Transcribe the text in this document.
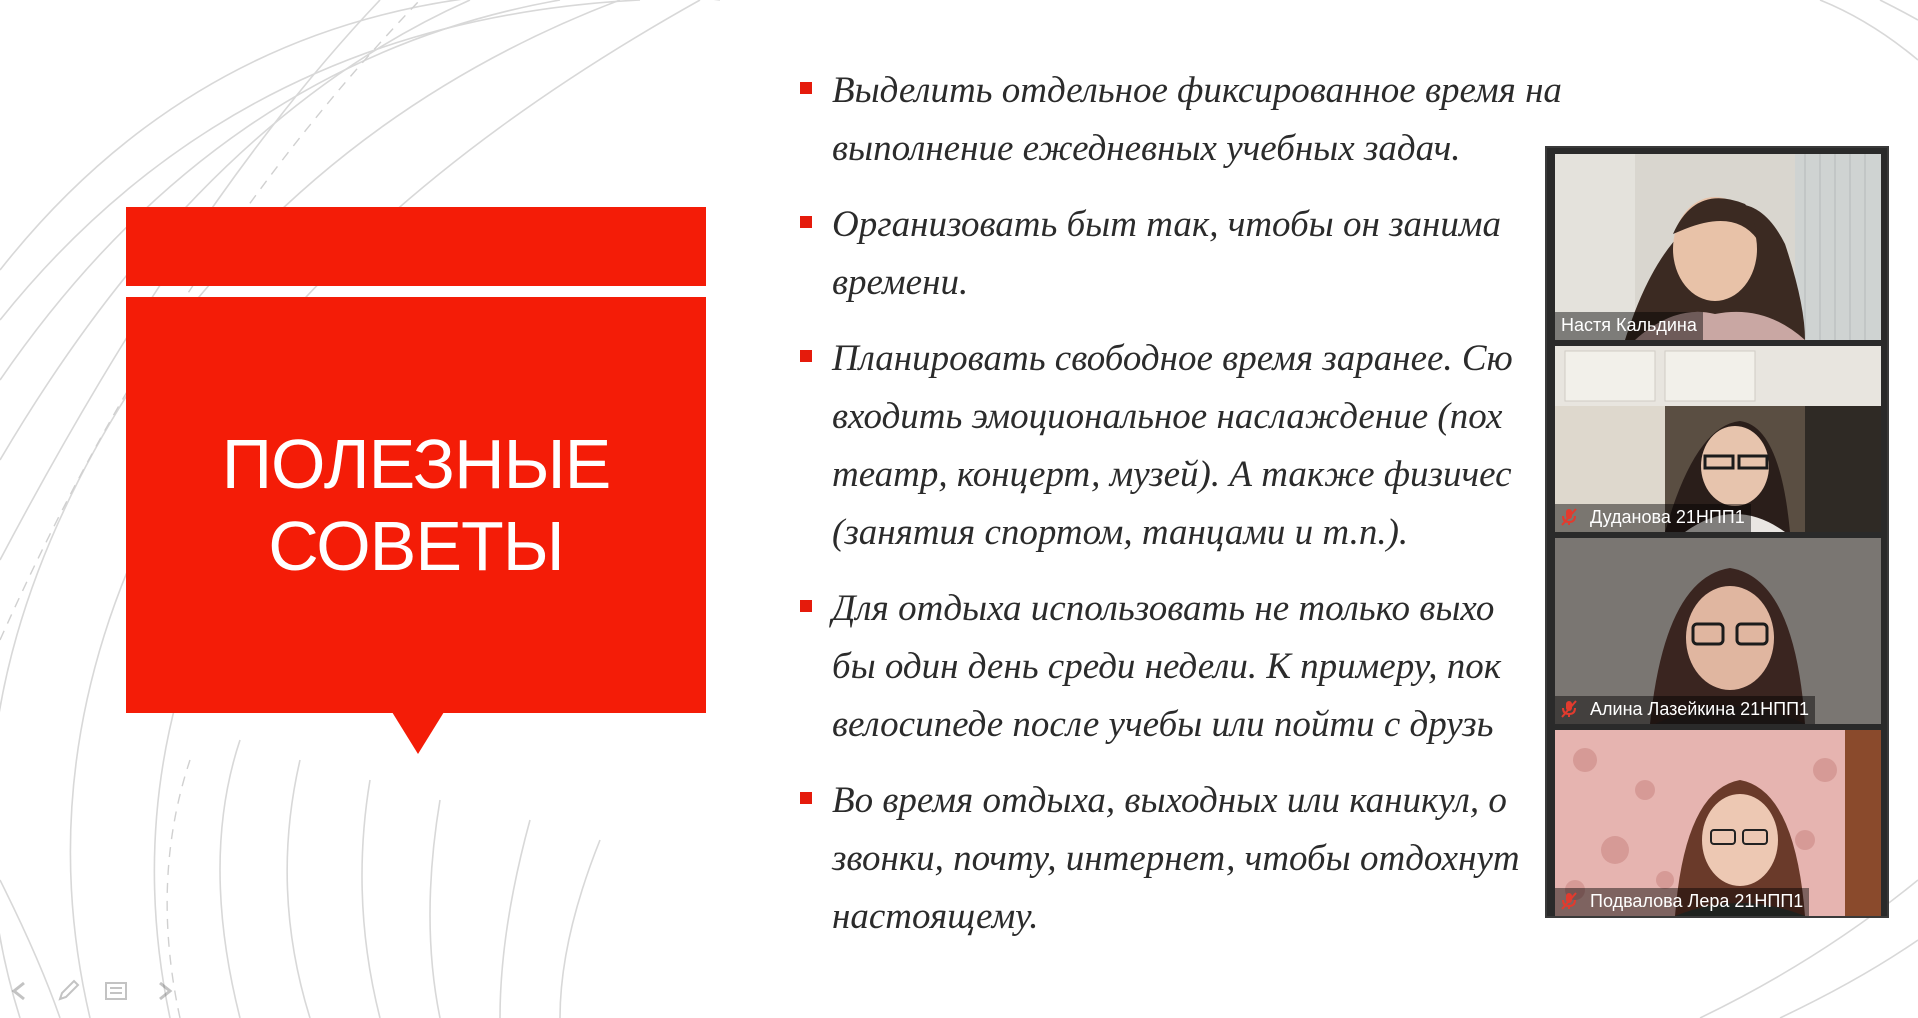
ПОЛЕЗНЫЕ
СОВЕТЫ
Выделить отдельное фиксированное время на
выполнение ежедневных учебных задач.
Организовать быт так, чтобы он занима
времени.
Планировать свободное время заранее. Сю
входить эмоциональное наслаждение (пох
театр, концерт, музей). А также физичес
(занятия спортом, танцами и т.п.).
Для отдыха использовать не только выхо
бы один день среди недели. К примеру, пок
велосипеде после учебы или пойти с друзь
Во время отдыха, выходных или каникул, о
звонки, почту, интернет, чтобы отдохнут
настоящему.
Настя Кальдина
Дуданова 21НПП1
Алина Лазейкина 21НПП1
Подвалова Лера 21НПП1
